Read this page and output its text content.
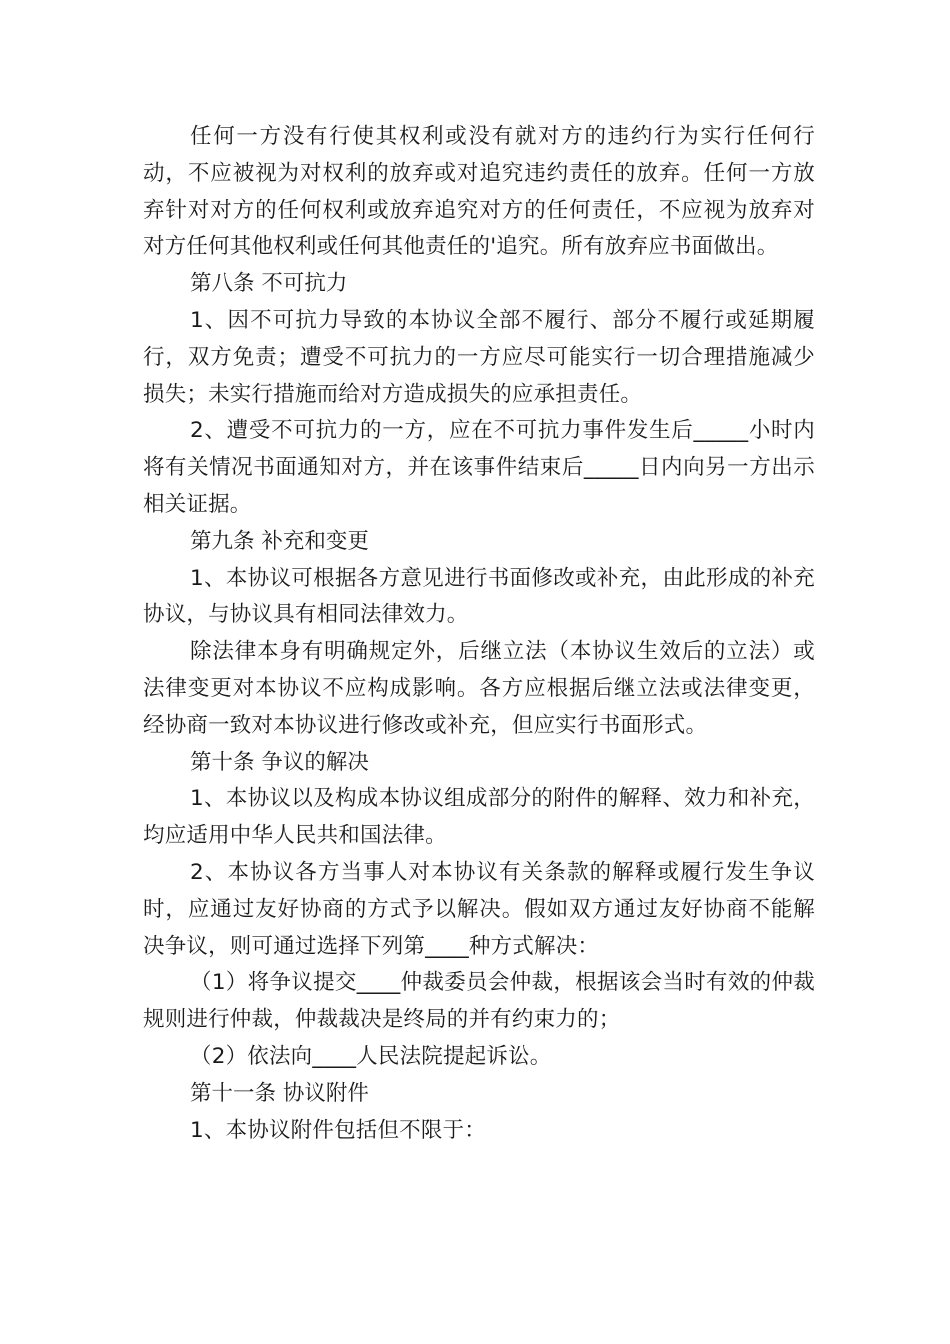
任何一方没有行使其权利或没有就对方的违约行为实行任何行动，不应被视为对权利的放弃或对追究违约责任的放弃。任何一方放弃针对对方的任何权利或放弃追究对方的任何责任，不应视为放弃对对方任何其他权利或任何其他责任的'追究。所有放弃应书面做出。

第八条 不可抗力

1、因不可抗力导致的本协议全部不履行、部分不履行或延期履行，双方免责；遭受不可抗力的一方应尽可能实行一切合理措施减少损失；未实行措施而给对方造成损失的应承担责任。

2、遭受不可抗力的一方，应在不可抗力事件发生后_____小时内将有关情况书面通知对方，并在该事件结束后_____日内向另一方出示相关证据。

第九条 补充和变更

1、本协议可根据各方意见进行书面修改或补充，由此形成的补充协议，与协议具有相同法律效力。

除法律本身有明确规定外，后继立法（本协议生效后的立法）或法律变更对本协议不应构成影响。各方应根据后继立法或法律变更，经协商一致对本协议进行修改或补充，但应实行书面形式。

第十条 争议的解决

1、本协议以及构成本协议组成部分的附件的解释、效力和补充，均应适用中华人民共和国法律。

2、本协议各方当事人对本协议有关条款的解释或履行发生争议时，应通过友好协商的方式予以解决。假如双方通过友好协商不能解决争议，则可通过选择下列第____种方式解决：

（1）将争议提交____仲裁委员会仲裁，根据该会当时有效的仲裁规则进行仲裁，仲裁裁决是终局的并有约束力的；

（2）依法向____人民法院提起诉讼。

第十一条 协议附件

1、本协议附件包括但不限于：
